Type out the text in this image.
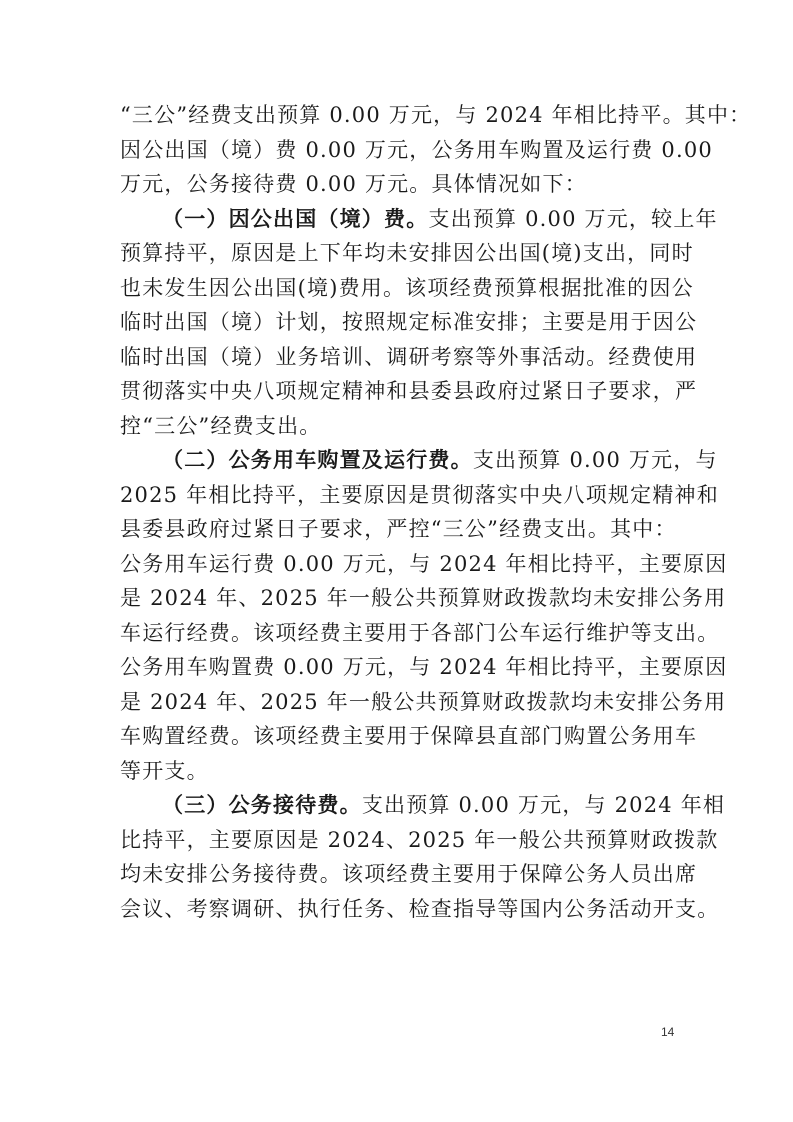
“三公”经费支出预算 0.00 万元，与 2024 年相比持平。其中：
因公出国（境）费 0.00 万元，公务用车购置及运行费 0.00
万元，公务接待费 0.00 万元。具体情况如下：
（一）因公出国（境）费。支出预算 0.00 万元，较上年
预算持平，原因是上下年均未安排因公出国(境)支出，同时
也未发生因公出国(境)费用。该项经费预算根据批准的因公
临时出国（境）计划，按照规定标准安排；主要是用于因公
临时出国（境）业务培训、调研考察等外事活动。经费使用
贯彻落实中央八项规定精神和县委县政府过紧日子要求，严
控“三公”经费支出。
（二）公务用车购置及运行费。支出预算 0.00 万元，与
2025 年相比持平，主要原因是贯彻落实中央八项规定精神和
县委县政府过紧日子要求，严控“三公”经费支出。其中：
公务用车运行费 0.00 万元，与 2024 年相比持平，主要原因
是 2024 年、2025 年一般公共预算财政拨款均未安排公务用
车运行经费。该项经费主要用于各部门公车运行维护等支出。
公务用车购置费 0.00 万元，与 2024 年相比持平，主要原因
是 2024 年、2025 年一般公共预算财政拨款均未安排公务用
车购置经费。该项经费主要用于保障县直部门购置公务用车
等开支。
（三）公务接待费。支出预算 0.00 万元，与 2024 年相
比持平，主要原因是 2024、2025 年一般公共预算财政拨款
均未安排公务接待费。该项经费主要用于保障公务人员出席
会议、考察调研、执行任务、检查指导等国内公务活动开支。
14
